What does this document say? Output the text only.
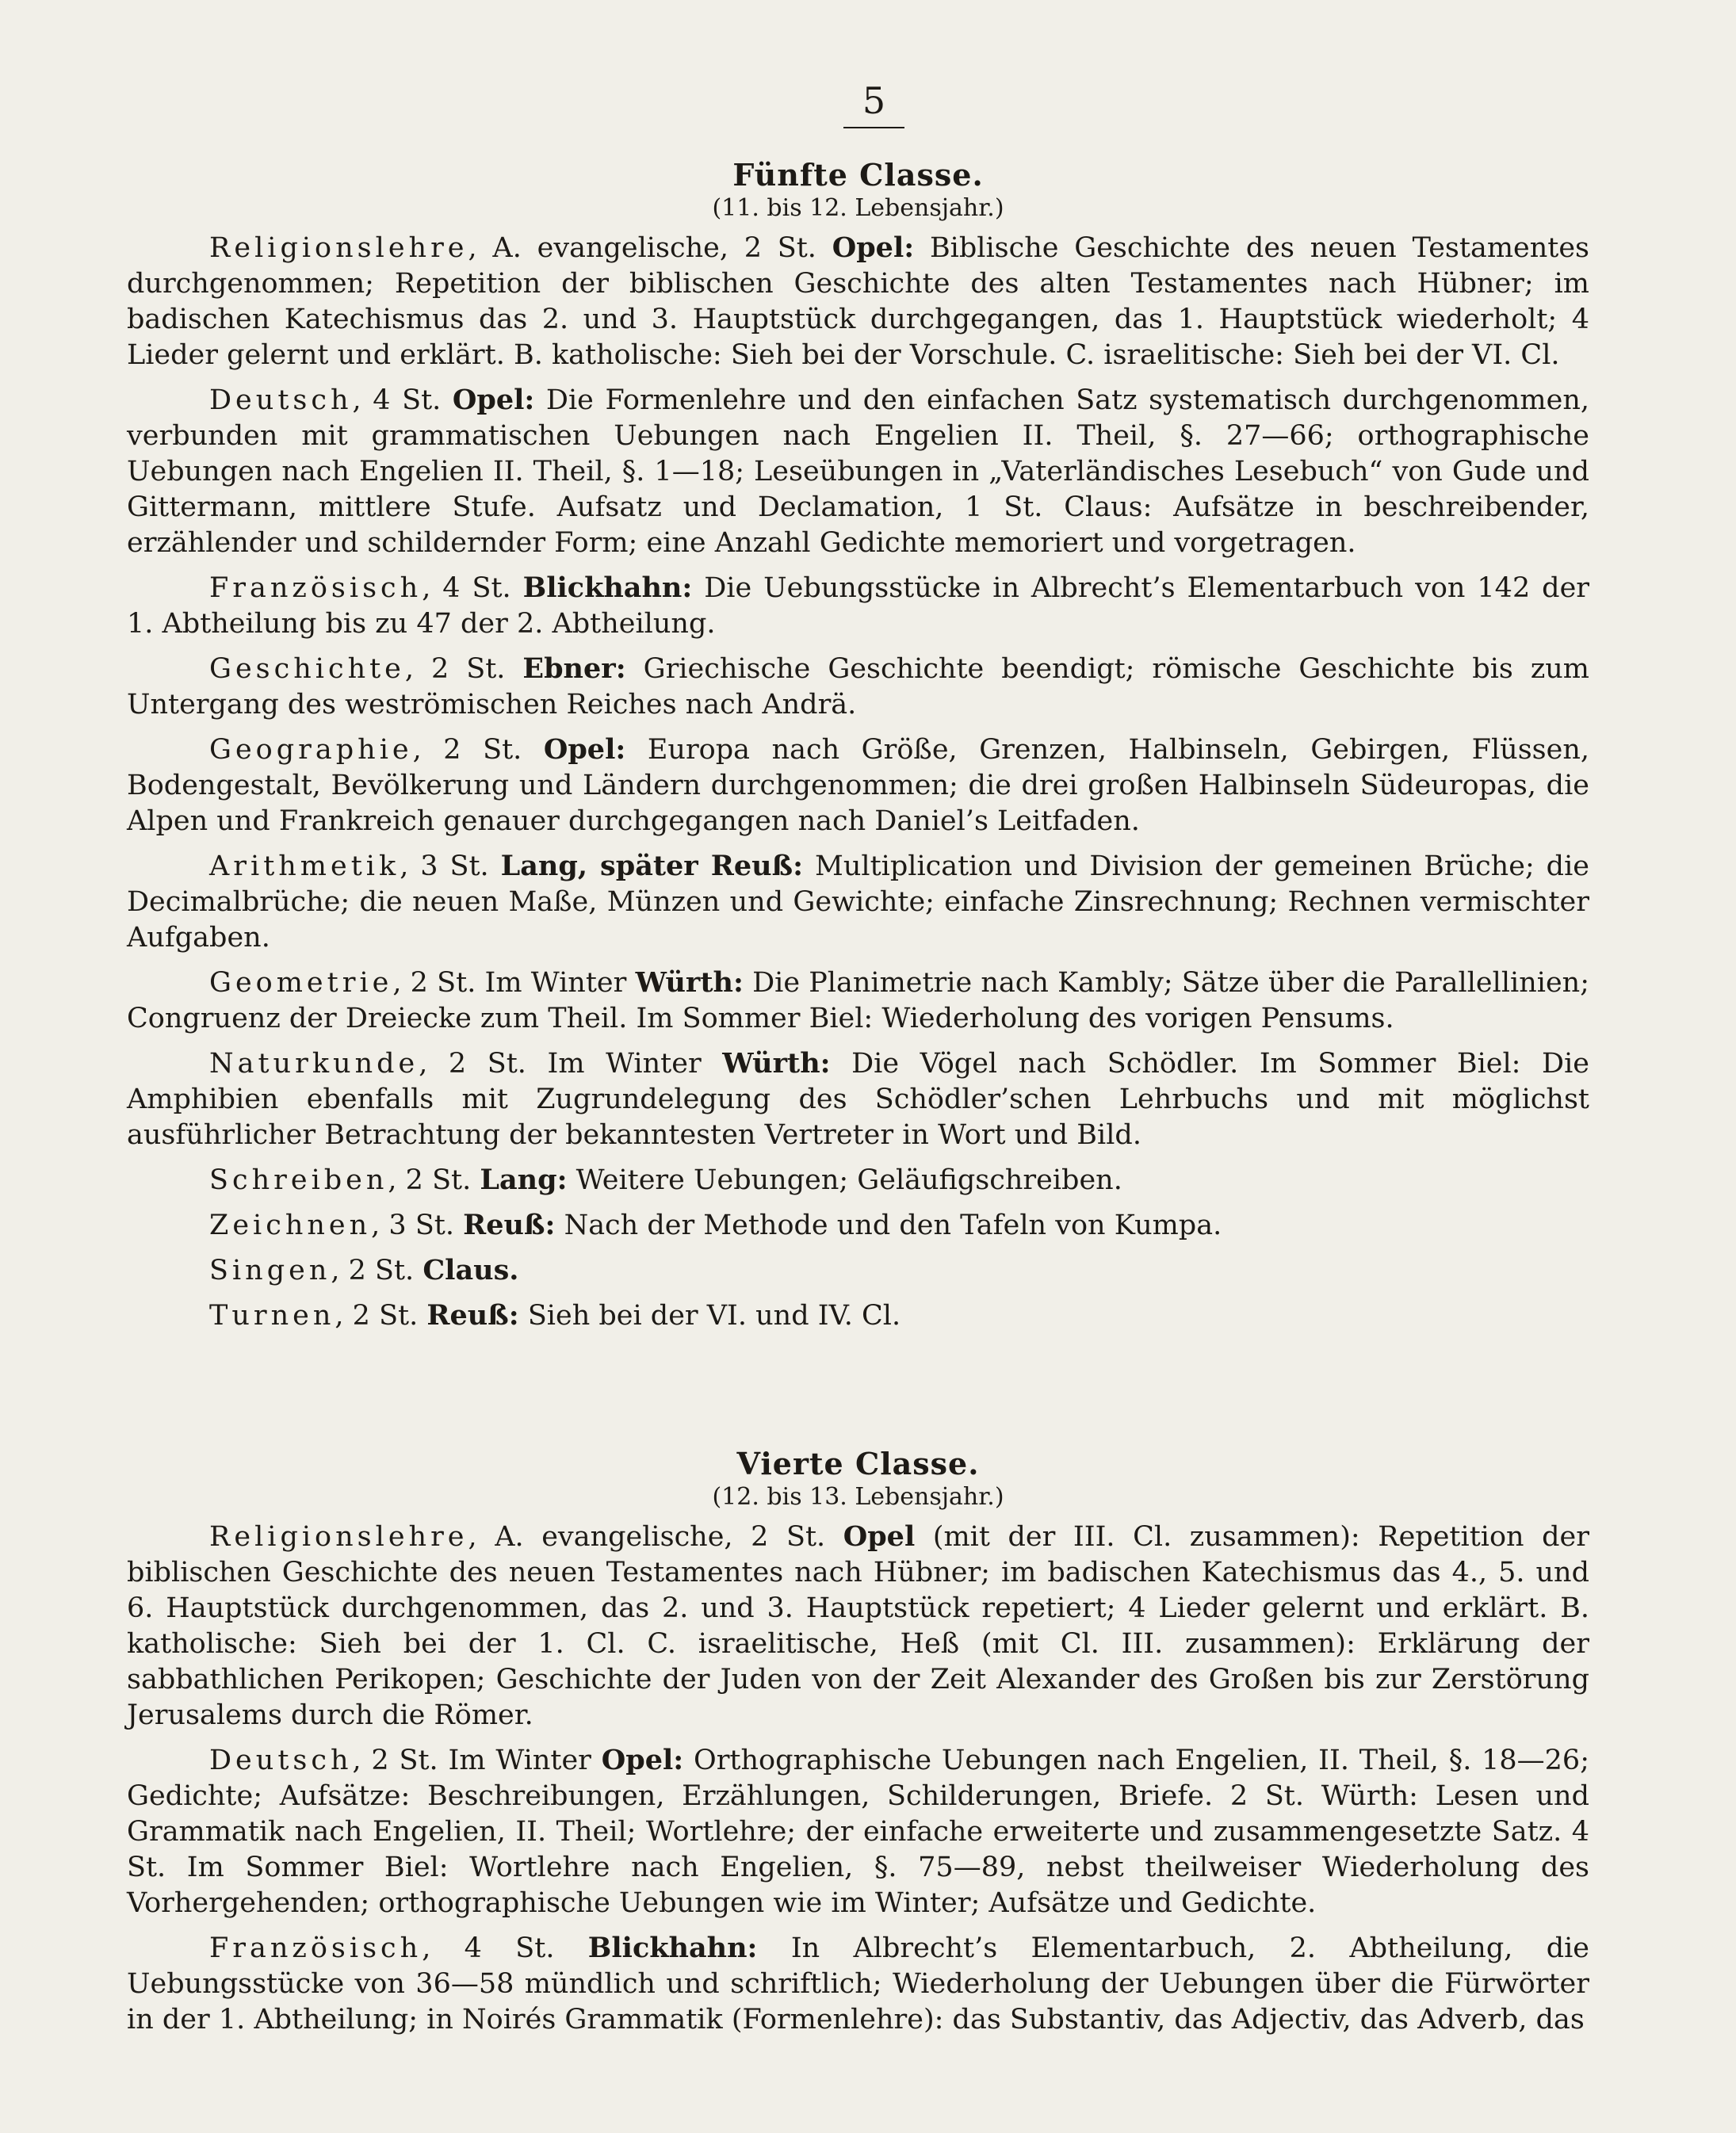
5
Fünfte Classe.
(11. bis 12. Lebensjahr.)

Religionslehre, A. evangelische, 2 St. Opel: Biblische Geschichte des neuen Testamentes durchgenommen; Repetition der biblischen Geschichte des alten Testamentes nach Hübner; im badischen Katechismus das 2. und 3. Hauptstück durchgegangen, das 1. Hauptstück wiederholt; 4 Lieder gelernt und erklärt. B. katholische: Sieh bei der Vorschule. C. israelitische: Sieh bei der VI. Cl.

Deutsch, 4 St. Opel: Die Formenlehre und den einfachen Satz systematisch durchgenommen, verbunden mit grammatischen Uebungen nach Engelien II. Theil, §. 27—66; orthographische Uebungen nach Engelien II. Theil, §. 1—18; Leseübungen in „Vaterländisches Lesebuch“ von Gude und Gittermann, mittlere Stufe. Aufsatz und Declamation, 1 St. Claus: Aufsätze in beschreibender, erzählender und schildernder Form; eine Anzahl Gedichte memoriert und vorgetragen.

Französisch, 4 St. Blickhahn: Die Uebungsstücke in Albrecht’s Elementarbuch von 142 der 1. Abtheilung bis zu 47 der 2. Abtheilung.

Geschichte, 2 St. Ebner: Griechische Geschichte beendigt; römische Geschichte bis zum Untergang des weströmischen Reiches nach Andrä.

Geographie, 2 St. Opel: Europa nach Größe, Grenzen, Halbinseln, Gebirgen, Flüssen, Bodengestalt, Bevölkerung und Ländern durchgenommen; die drei großen Halbinseln Südeuropas, die Alpen und Frankreich genauer durchgegangen nach Daniel’s Leitfaden.

Arithmetik, 3 St. Lang, später Reuß: Multiplication und Division der gemeinen Brüche; die Decimalbrüche; die neuen Maße, Münzen und Gewichte; einfache Zinsrechnung; Rechnen vermischter Aufgaben.

Geometrie, 2 St. Im Winter Würth: Die Planimetrie nach Kambly; Sätze über die Parallellinien; Congruenz der Dreiecke zum Theil. Im Sommer Biel: Wiederholung des vorigen Pensums.

Naturkunde, 2 St. Im Winter Würth: Die Vögel nach Schödler. Im Sommer Biel: Die Amphibien ebenfalls mit Zugrundelegung des Schödler’schen Lehrbuchs und mit möglichst ausführlicher Betrachtung der bekanntesten Vertreter in Wort und Bild.

Schreiben, 2 St. Lang: Weitere Uebungen; Geläufigschreiben.

Zeichnen, 3 St. Reuß: Nach der Methode und den Tafeln von Kumpa.

Singen, 2 St. Claus.

Turnen, 2 St. Reuß: Sieh bei der VI. und IV. Cl.

Vierte Classe.
(12. bis 13. Lebensjahr.)

Religionslehre, A. evangelische, 2 St. Opel (mit der III. Cl. zusammen): Repetition der biblischen Geschichte des neuen Testamentes nach Hübner; im badischen Katechismus das 4., 5. und 6. Hauptstück durchgenommen, das 2. und 3. Hauptstück repetiert; 4 Lieder gelernt und erklärt. B. katholische: Sieh bei der 1. Cl. C. israelitische, Heß (mit Cl. III. zusammen): Erklärung der sabbathlichen Perikopen; Geschichte der Juden von der Zeit Alexander des Großen bis zur Zerstörung Jerusalems durch die Römer.

Deutsch, 2 St. Im Winter Opel: Orthographische Uebungen nach Engelien, II. Theil, §. 18—26; Gedichte; Aufsätze: Beschreibungen, Erzählungen, Schilderungen, Briefe. 2 St. Würth: Lesen und Grammatik nach Engelien, II. Theil; Wortlehre; der einfache erweiterte und zusammengesetzte Satz. 4 St. Im Sommer Biel: Wortlehre nach Engelien, §. 75—89, nebst theilweiser Wiederholung des Vorhergehenden; orthographische Uebungen wie im Winter; Aufsätze und Gedichte.

Französisch, 4 St. Blickhahn: In Albrecht’s Elementarbuch, 2. Abtheilung, die Uebungsstücke von 36—58 mündlich und schriftlich; Wiederholung der Uebungen über die Fürwörter in der 1. Abtheilung; in Noirés Grammatik (Formenlehre): das Substantiv, das Adjectiv, das Adverb, das
